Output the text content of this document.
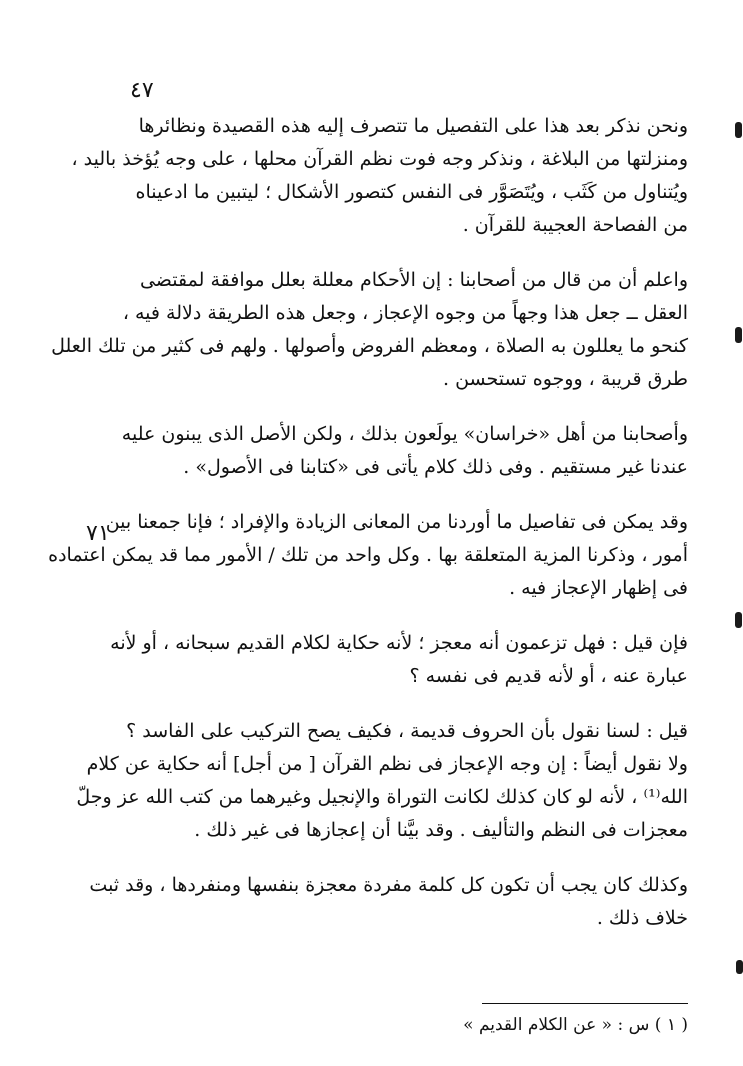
٤٧
٧١
ونحن نذكر بعد هذا على التفصيل ما تتصرف إليه هذه القصيدة ونظائرها
ومنزلتها من البلاغة ، ونذكر وجه فوت نظم القرآن محلها ، على وجه يُؤخذ باليد ،
ويُتناول من كَثَب ، ويُتَصَوَّر فى النفس كتصور الأشكال ؛ ليتبين ما ادعيناه
من الفصاحة العجيبة للقرآن .
واعلم أن من قال من أصحابنا : إن الأحكام معللة بعلل موافقة لمقتضى
العقل ــ جعل هذا وجهاً من وجوه الإعجاز ، وجعل هذه الطريقة دلالة فيه ،
كنحو ما يعللون به الصلاة ، ومعظم الفروض وأصولها . ولهم فى كثير من تلك العلل
طرق قريبة ، ووجوه تستحسن .
وأصحابنا من أهل «خراسان» يولَعون بذلك ، ولكن الأصل الذى يبنون عليه
عندنا غير مستقيم . وفى ذلك كلام يأتى فى «كتابنا فى الأصول» .
وقد يمكن فى تفاصيل ما أوردنا من المعانى الزيادة والإفراد ؛ فإنا جمعنا بين
أمور ، وذكرنا المزية المتعلقة بها . وكل واحد من تلك / الأمور مما قد يمكن اعتماده
فى إظهار الإعجاز فيه .
فإن قيل : فهل تزعمون أنه معجز ؛ لأنه حكاية لكلام القديم سبحانه ، أو لأنه
عبارة عنه ، أو لأنه قديم فى نفسه ؟
قيل : لسنا نقول بأن الحروف قديمة ، فكيف يصح التركيب على الفاسد ؟
ولا نقول أيضاً : إن وجه الإعجاز فى نظم القرآن [ من أجل] أنه حكاية عن كلام
الله⁽¹⁾ ، لأنه لو كان كذلك لكانت التوراة والإنجيل وغيرهما من كتب الله عز وجلّ
معجزات فى النظم والتأليف . وقد بيَّنا أن إعجازها فى غير ذلك .
وكذلك كان يجب أن تكون كل كلمة مفردة معجزة بنفسها ومنفردها ، وقد ثبت
خلاف ذلك .
( ١ ) س : « عن الكلام القديم »
